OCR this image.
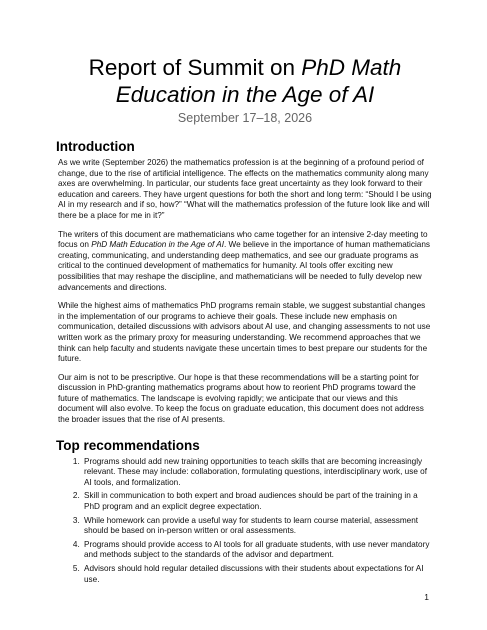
Report of Summit on PhD Math
Education in the Age of AI
September 17–18, 2026
Introduction

As we write (September 2026) the mathematics profession is at the beginning of a profound period of change, due to the rise of artificial intelligence. The effects on the mathematics community along many axes are overwhelming. In particular, our students face great uncertainty as they look forward to their education and careers. They have urgent questions for both the short and long term: “Should I be using AI in my research and if so, how?” “What will the mathematics profession of the future look like and will there be a place for me in it?”

The writers of this document are mathematicians who came together for an intensive 2-day meeting to focus on PhD Math Education in the Age of AI. We believe in the importance of human mathematicians creating, communicating, and understanding deep mathematics, and see our graduate programs as critical to the continued development of mathematics for humanity. AI tools offer exciting new possibilities that may reshape the discipline, and mathematicians will be needed to fully develop new advancements and directions.

While the highest aims of mathematics PhD programs remain stable, we suggest substantial changes in the implementation of our programs to achieve their goals. These include new emphasis on communication, detailed discussions with advisors about AI use, and changing assessments to not use written work as the primary proxy for measuring understanding. We recommend approaches that we think can help faculty and students navigate these uncertain times to best prepare our students for the future.

Our aim is not to be prescriptive. Our hope is that these recommendations will be a starting point for discussion in PhD-granting mathematics programs about how to reorient PhD programs toward the future of mathematics. The landscape is evolving rapidly; we anticipate that our views and this document will also evolve. To keep the focus on graduate education, this document does not address the broader issues that the rise of AI presents.

Top recommendations
1. Programs should add new training opportunities to teach skills that are becoming increasingly relevant. These may include: collaboration, formulating questions, interdisciplinary work, use of AI tools, and formalization.
2. Skill in communication to both expert and broad audiences should be part of the training in a PhD program and an explicit degree expectation.
3. While homework can provide a useful way for students to learn course material, assessment should be based on in-person written or oral assessments.
4. Programs should provide access to AI tools for all graduate students, with use never mandatory and methods subject to the standards of the advisor and department.
5. Advisors should hold regular detailed discussions with their students about expectations for AI use.
1
